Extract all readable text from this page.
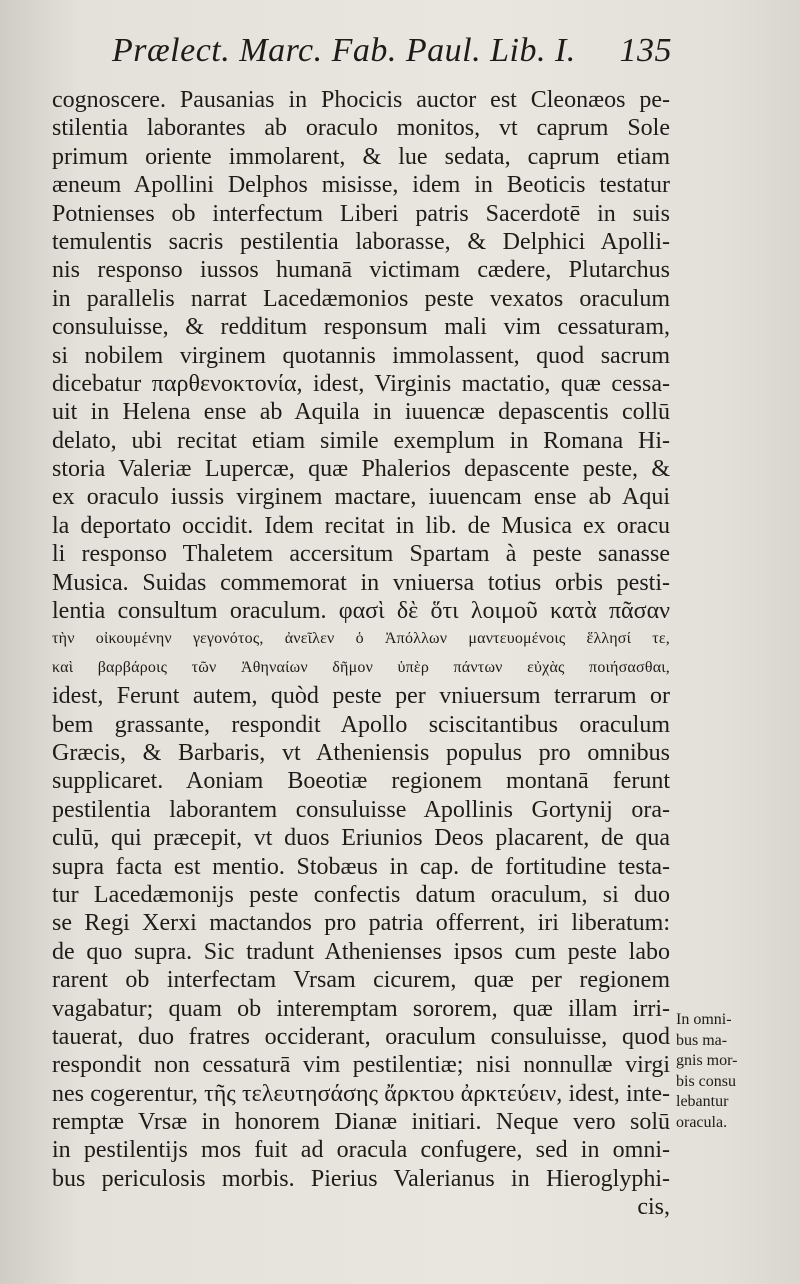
Prælect. Marc. Fab. Paul. Lib. I. 135
cognoscere. Pausanias in Phocicis auctor est Cleonæos pe-
stilentia laborantes ab oraculo monitos, vt caprum Sole
primum oriente immolarent, & lue sedata, caprum etiam
æneum Apollini Delphos misisse, idem in Beoticis testatur
Potnienses ob interfectum Liberi patris Sacerdotē in suis
temulentis sacris pestilentia laborasse, & Delphici Apolli-
nis responso iussos humanā victimam cædere, Plutarchus
in parallelis narrat Lacedæmonios peste vexatos oraculum
consuluisse, & redditum responsum mali vim cessaturam,
si nobilem virginem quotannis immolassent, quod sacrum
dicebatur παρθενοκτονία, idest, Virginis mactatio, quæ cessa-
uit in Helena ense ab Aquila in iuuencæ depascentis collū
delato, ubi recitat etiam simile exemplum in Romana Hi-
storia Valeriæ Lupercæ, quæ Phalerios depascente peste, &
ex oraculo iussis virginem mactare, iuuencam ense ab Aqui
la deportato occidit. Idem recitat in lib. de Musica ex oracu
li responso Thaletem accersitum Spartam à peste sanasse
Musica. Suidas commemorat in vniuersa totius orbis pesti-
lentia consultum oraculum. φασὶ δὲ ὅτι λοιμοῦ κατὰ πᾶσαν
τὴν οἰκουμένην γεγονότος, ἀνεῖλεν ὁ Ἀπόλλων μαντευομένοις ἕλλησί τε,
καὶ βαρβάροις τῶν Ἀθηναίων δῆμον ὑπὲρ πάντων εὐχὰς ποιήσασθαι,
idest, Ferunt autem, quòd peste per vniuersum terrarum or
bem grassante, respondit Apollo sciscitantibus oraculum
Græcis, & Barbaris, vt Atheniensis populus pro omnibus
supplicaret. Aoniam Boeotiæ regionem montanā ferunt
pestilentia laborantem consuluisse Apollinis Gortynij ora-
culū, qui præcepit, vt duos Eriunios Deos placarent, de qua
supra facta est mentio. Stobæus in cap. de fortitudine testa-
tur Lacedæmonijs peste confectis datum oraculum, si duo
se Regi Xerxi mactandos pro patria offerrent, iri liberatum:
de quo supra. Sic tradunt Athenienses ipsos cum peste labo
rarent ob interfectam Vrsam cicurem, quæ per regionem
vagabatur; quam ob interemptam sororem, quæ illam irri-
tauerat, duo fratres occiderant, oraculum consuluisse, quod
respondit non cessaturā vim pestilentiæ; nisi nonnullæ virgi
nes cogerentur, τῆς τελευτησάσης ἄρκτου ἀρκτεύειν, idest, inte-
remptæ Vrsæ in honorem Dianæ initiari. Neque vero solū
in pestilentijs mos fuit ad oracula confugere, sed in omni-
bus periculosis morbis. Pierius Valerianus in Hieroglyphi-
cis,
In omni-
bus ma-
gnis mor-
bis consu
lebantur
oracula.
